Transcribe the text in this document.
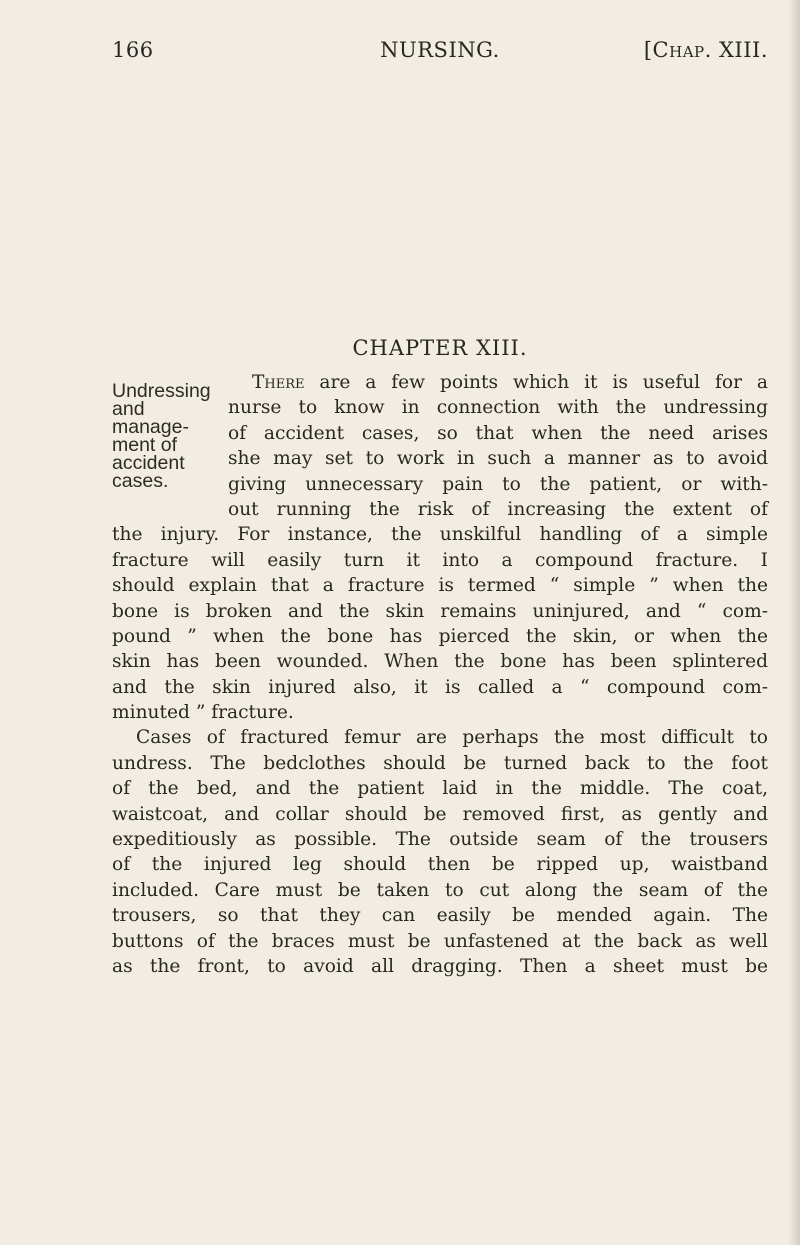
166	NURSING.	[Chap. XIII.
CHAPTER XIII.
Undressing
and
manage-
ment of
accident
cases.
There are a few points which it is useful for a
nurse to know in connection with the undressing
of accident cases, so that when the need arises
she may set to work in such a manner as to avoid
giving unnecessary pain to the patient, or with-
out running the risk of increasing the extent of
the injury. For instance, the unskilful handling of a simple
fracture will easily turn it into a compound fracture. I
should explain that a fracture is termed “ simple ” when the
bone is broken and the skin remains uninjured, and “ com-
pound ” when the bone has pierced the skin, or when the
skin has been wounded. When the bone has been splintered
and the skin injured also, it is called a “ compound com-
minuted ” fracture.
Cases of fractured femur are perhaps the most difficult to
undress. The bedclothes should be turned back to the foot
of the bed, and the patient laid in the middle. The coat,
waistcoat, and collar should be removed first, as gently and
expeditiously as possible. The outside seam of the trousers
of the injured leg should then be ripped up, waistband
included. Care must be taken to cut along the seam of the
trousers, so that they can easily be mended again. The
buttons of the braces must be unfastened at the back as well
as the front, to avoid all dragging. Then a sheet must be
